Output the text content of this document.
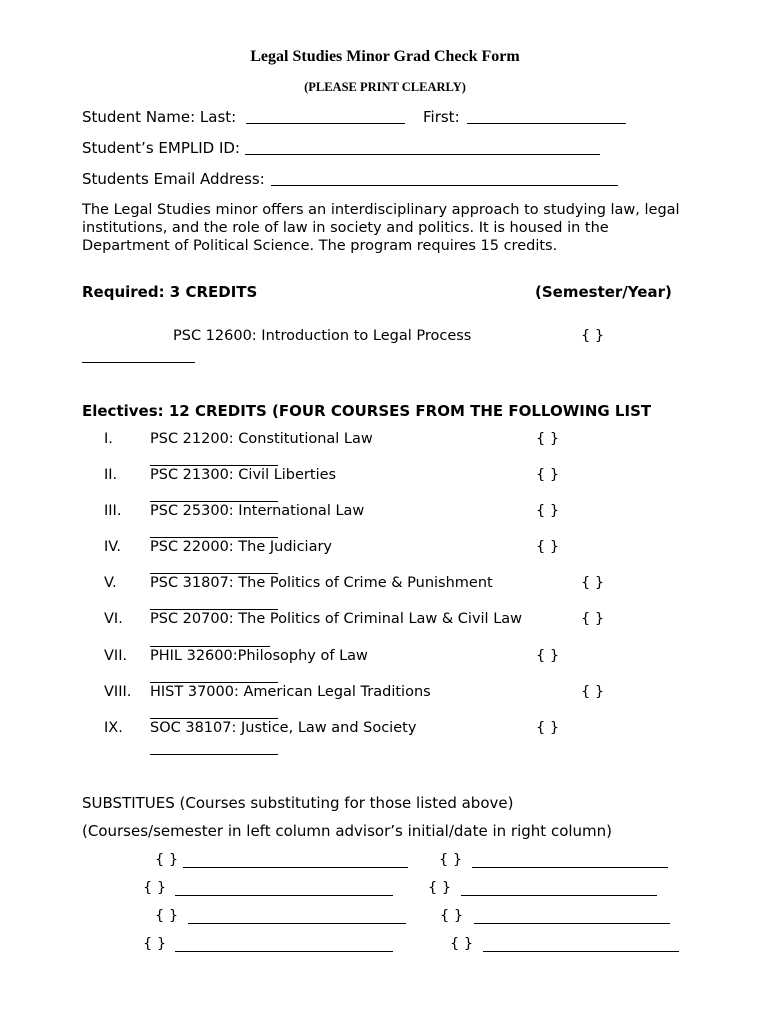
Legal Studies Minor Grad Check Form
(PLEASE PRINT CLEARLY)
Student Name: Last:	First:
Student’s EMPLID ID:
Students Email Address:
The Legal Studies minor offers an interdisciplinary approach to studying law, legal institutions, and the role of law in society and politics. It is housed in the Department of Political Science. The program requires 15 credits.
Required: 3 CREDITS	(Semester/Year)
PSC 12600: Introduction to Legal Process	{ }
Electives: 12 CREDITS (FOUR COURSES FROM THE FOLLOWING LIST
I.	PSC 21200: Constitutional Law	{ }
II. PSC 21300: Civil Liberties	{ }
III. PSC 25300: International Law	{ }
IV. PSC 22000: The Judiciary	{ }
V. PSC 31807: The Politics of Crime & Punishment	{ }
VI. PSC 20700: The Politics of Criminal Law & Civil Law	{ }
VII. PHIL 32600:Philosophy of Law	{ }
VIII. HIST 37000: American Legal Traditions	{ }
IX. SOC 38107: Justice, Law and Society	{ }
SUBSTITUES (Courses substituting for those listed above)
(Courses/semester in left column advisor’s initial/date in right column)
{ }	{ }
{ }	{ }
{ }	{ }
{ }	{ }
